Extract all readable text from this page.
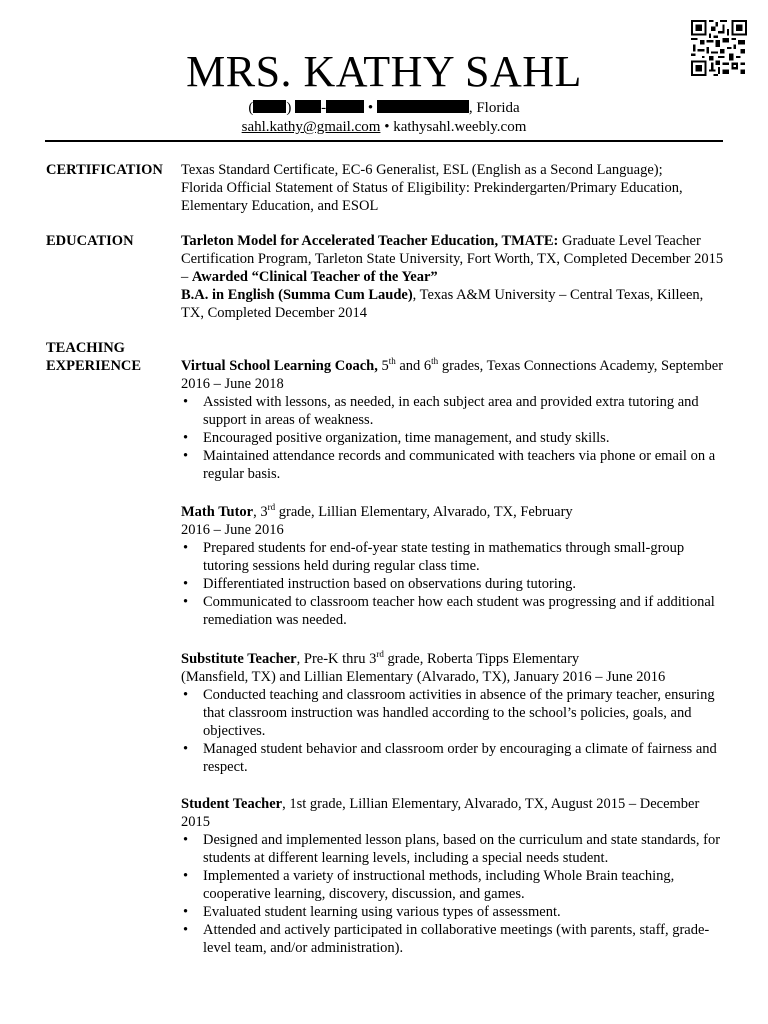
MRS. KATHY SAHL
( ) -	•	, Florida
sahl.kathy@gmail.com • kathysahl.weebly.com
CERTIFICATION Texas Standard Certificate, EC-6 Generalist, ESL (English as a Second Language);

Florida Official Statement of Status of Eligibility: Prekindergarten/Primary Education,

Elementary Education, and ESOL

EDUCATION	Tarleton Model for Accelerated Teacher Education, TMATE: Graduate Level Teacher Certification Program, Tarleton State University, Fort Worth, TX, Completed December 2015 – Awarded “Clinical Teacher of the Year”

B.A. in English (Summa Cum Laude), Texas A&M University – Central Texas, Killeen, TX, Completed December 2014

TEACHING
EXPERIENCE	Virtual School Learning Coach, 5th and 6th grades, Texas Connections Academy, September 2016 – June 2018

• Assisted with lessons, as needed, in each subject area and provided extra tutoring and support in areas of weakness.
• Encouraged positive organization, time management, and study skills.
• Maintained attendance records and communicated with teachers via phone or email on a regular basis.

Math Tutor, 3rd grade, Lillian Elementary, Alvarado, TX, February
2016 – June 2016

• Prepared students for end-of-year state testing in mathematics through small-group tutoring sessions held during regular class time.
• Differentiated instruction based on observations during tutoring.
• Communicated to classroom teacher how each student was progressing and if additional remediation was needed.

Substitute Teacher, Pre-K thru 3rd grade, Roberta Tipps Elementary
(Mansfield, TX) and Lillian Elementary (Alvarado, TX), January 2016 – June 2016

• Conducted teaching and classroom activities in absence of the primary teacher, ensuring that classroom instruction was handled according to the school’s policies, goals, and objectives.
• Managed student behavior and classroom order by encouraging a climate of fairness and respect.

Student Teacher, 1st grade, Lillian Elementary, Alvarado, TX, August 2015 – December 2015

• Designed and implemented lesson plans, based on the curriculum and state standards, for students at different learning levels, including a special needs student.
• Implemented a variety of instructional methods, including Whole Brain teaching, cooperative learning, discovery, discussion, and games.
• Evaluated student learning using various types of assessment.
• Attended and actively participated in collaborative meetings (with parents, staff, grade-level team, and/or administration).
